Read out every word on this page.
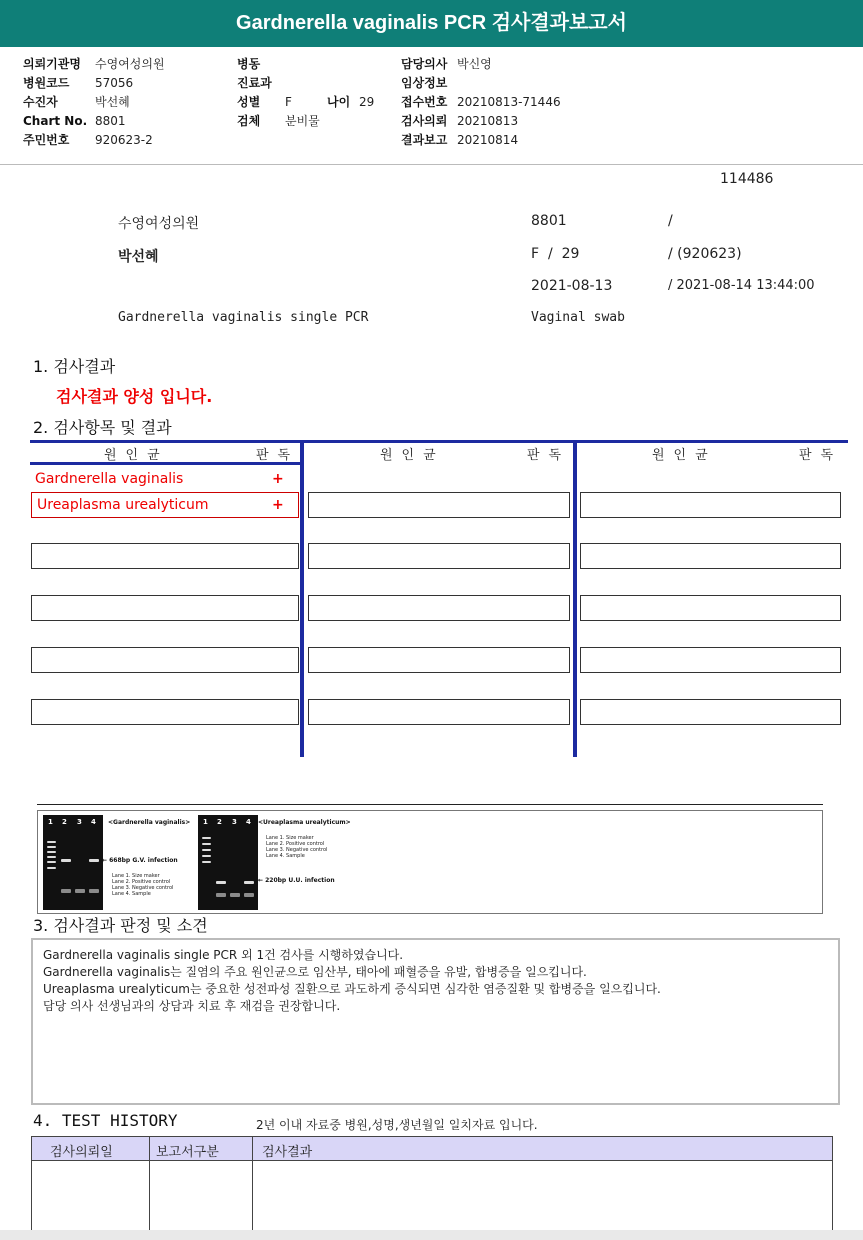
Gardnerella vaginalis PCR 검사결과보고서
의뢰기관명 수영여성의원
병원코드 57056
수진자	박선혜
Chart No. 8801
주민번호 920623-2
병동
진료과
성별 F	나이 29
검체 분비물
담당의사 박신영
임상정보
접수번호 20210813-71446
검사의뢰 20210813
결과보고 20210814
114486
수영여성의원	8801	/
박선혜	F  /  29	/ (920623)
2021-08-13	/ 2021-08-14 13:44:00
Gardnerella vaginalis single PCR	Vaginal swab
1. 검사결과
검사결과 양성 입니다.
2. 검사항목 및 결과
원인균	판독	원인균	판독	원인균	판독
Gardnerella vaginalis	+
Ureaplasma urealyticum	+
1 2 3 4 <Gardnerella vaginalis>
← 668bp G.V. infection
Lane 1. Size maker
Lane 2. Positive control
Lane 3. Negative control
Lane 4. Sample
1 2 3 4 <Ureaplasma urealyticum>
Lane 1. Size maker
Lane 2. Positive control
Lane 3. Negative control
Lane 4. Sample
← 220bp U.U. infection
3. 검사결과 판정 및 소견

Gardnerella vaginalis single PCR 외 1건 검사를 시행하였습니다.

Gardnerella vaginalis는 질염의 주요 원인균으로 임산부, 태아에 패혈증을 유발, 합병증을 일으킵니다.

Ureaplasma urealyticum는 중요한 성전파성 질환으로 과도하게 증식되면 심각한 염증질환 및 합병증을 일으킵니다.

담당 의사 선생님과의 상담과 치료 후 재검을 권장합니다.

4. TEST HISTORY	2년 이내 자료중 병원,성명,생년월일 일치자료 입니다.
검사의뢰일	보고서구분	검사결과
